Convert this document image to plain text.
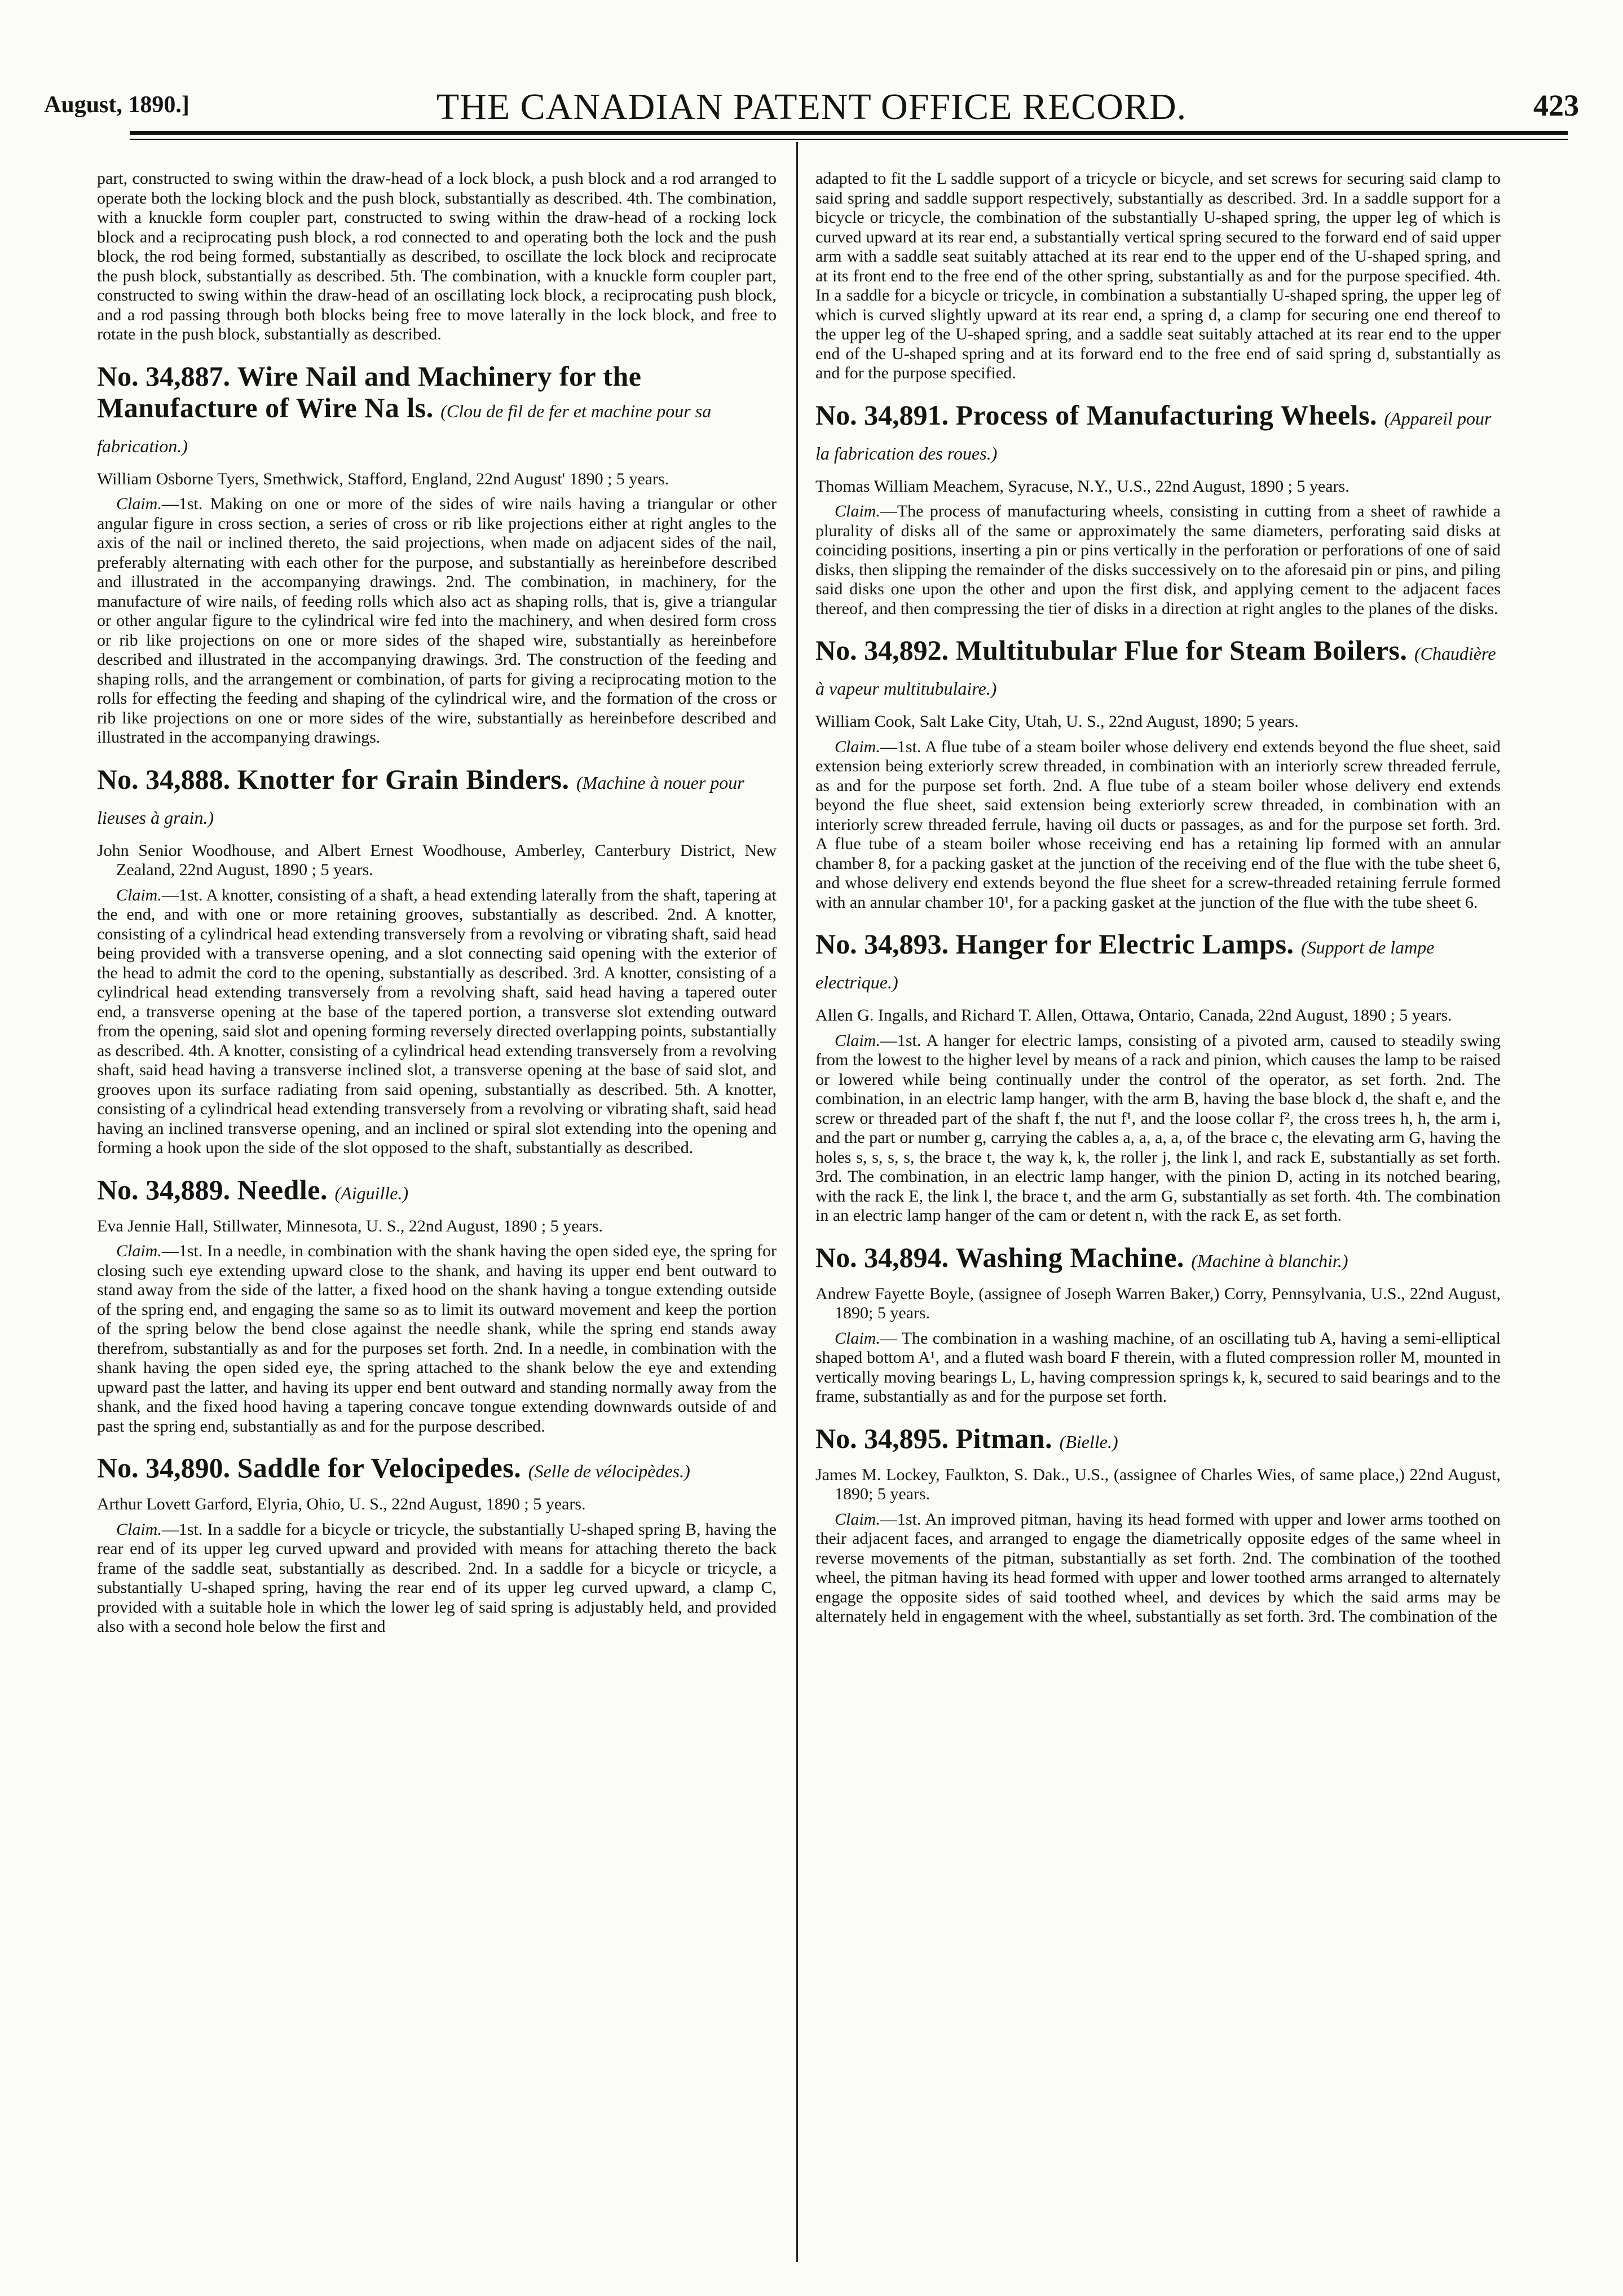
August, 1890.]	THE CANADIAN PATENT OFFICE RECORD.	423

part, constructed to swing within the draw-head of a lock block, a push block and a rod arranged to operate both the locking block and the push block, substantially as described. 4th. The combination, with a knuckle form coupler part, constructed to swing within the draw-head of a rocking lock block and a reciprocating push block, a rod connected to and operating both the lock and the push block, the rod being formed, substantially as described, to oscillate the lock block and reciprocate the push block, substantially as described. 5th. The combination, with a knuckle form coupler part, constructed to swing within the draw-head of an oscillating lock block, a reciprocating push block, and a rod passing through both blocks being free to move laterally in the lock block, and free to rotate in the push block, substantially as described.

No. 34,887. Wire Nail and Machinery for the Manufacture of Wire Na ls. (Clou de fil de fer et machine pour sa fabrication.)
William Osborne Tyers, Smethwick, Stafford, England, 22nd August' 1890 ; 5 years.

Claim.—1st. Making on one or more of the sides of wire nails having a triangular or other angular figure in cross section, a series of cross or rib like projections either at right angles to the axis of the nail or inclined thereto, the said projections, when made on adjacent sides of the nail, preferably alternating with each other for the purpose, and substantially as hereinbefore described and illustrated in the accompanying drawings. 2nd. The combination, in machinery, for the manufacture of wire nails, of feeding rolls which also act as shaping rolls, that is, give a triangular or other angular figure to the cylindrical wire fed into the machinery, and when desired form cross or rib like projections on one or more sides of the shaped wire, substantially as hereinbefore described and illustrated in the accompanying drawings. 3rd. The construction of the feeding and shaping rolls, and the arrangement or combination, of parts for giving a reciprocating motion to the rolls for effecting the feeding and shaping of the cylindrical wire, and the formation of the cross or rib like projections on one or more sides of the wire, substantially as hereinbefore described and illustrated in the accompanying drawings.

No. 34,888. Knotter for Grain Binders. (Machine à nouer pour lieuses à grain.)
John Senior Woodhouse, and Albert Ernest Woodhouse, Amberley, Canterbury District, New Zealand, 22nd August, 1890 ; 5 years.

Claim.—1st. A knotter, consisting of a shaft, a head extending laterally from the shaft, tapering at the end, and with one or more retaining grooves, substantially as described. 2nd. A knotter, consisting of a cylindrical head extending transversely from a revolving or vibrating shaft, said head being provided with a transverse opening, and a slot connecting said opening with the exterior of the head to admit the cord to the opening, substantially as described. 3rd. A knotter, consisting of a cylindrical head extending transversely from a revolving shaft, said head having a tapered outer end, a transverse opening at the base of the tapered portion, a transverse slot extending outward from the opening, said slot and opening forming reversely directed overlapping points, substantially as described. 4th. A knotter, consisting of a cylindrical head extending transversely from a revolving shaft, said head having a transverse inclined slot, a transverse opening at the base of said slot, and grooves upon its surface radiating from said opening, substantially as described. 5th. A knotter, consisting of a cylindrical head extending transversely from a revolving or vibrating shaft, said head having an inclined transverse opening, and an inclined or spiral slot extending into the opening and forming a hook upon the side of the slot opposed to the shaft, substantially as described.

No. 34,889. Needle. (Aiguille.)
Eva Jennie Hall, Stillwater, Minnesota, U. S., 22nd August, 1890 ; 5 years.

Claim.—1st. In a needle, in combination with the shank having the open sided eye, the spring for closing such eye extending upward close to the shank, and having its upper end bent outward to stand away from the side of the latter, a fixed hood on the shank having a tongue extending outside of the spring end, and engaging the same so as to limit its outward movement and keep the portion of the spring below the bend close against the needle shank, while the spring end stands away therefrom, substantially as and for the purposes set forth. 2nd. In a needle, in combination with the shank having the open sided eye, the spring attached to the shank below the eye and extending upward past the latter, and having its upper end bent outward and standing normally away from the shank, and the fixed hood having a tapering concave tongue extending downwards outside of and past the spring end, substantially as and for the purpose described.

No. 34,890. Saddle for Velocipedes. (Selle de vélocipèdes.)
Arthur Lovett Garford, Elyria, Ohio, U. S., 22nd August, 1890 ; 5 years.

Claim.—1st. In a saddle for a bicycle or tricycle, the substantially U-shaped spring B, having the rear end of its upper leg curved upward and provided with means for attaching thereto the back frame of the saddle seat, substantially as described. 2nd. In a saddle for a bicycle or tricycle, a substantially U-shaped spring, having the rear end of its upper leg curved upward, a clamp C, provided with a suitable hole in which the lower leg of said spring is adjustably held, and provided also with a second hole below the first and

adapted to fit the L saddle support of a tricycle or bicycle, and set screws for securing said clamp to said spring and saddle support respectively, substantially as described. 3rd. In a saddle support for a bicycle or tricycle, the combination of the substantially U-shaped spring, the upper leg of which is curved upward at its rear end, a substantially vertical spring secured to the forward end of said upper arm with a saddle seat suitably attached at its rear end to the upper end of the U-shaped spring, and at its front end to the free end of the other spring, substantially as and for the purpose specified. 4th. In a saddle for a bicycle or tricycle, in combination a substantially U-shaped spring, the upper leg of which is curved slightly upward at its rear end, a spring d, a clamp for securing one end thereof to the upper leg of the U-shaped spring, and a saddle seat suitably attached at its rear end to the upper end of the U-shaped spring and at its forward end to the free end of said spring d, substantially as and for the purpose specified.

No. 34,891. Process of Manufacturing Wheels. (Appareil pour la fabrication des roues.)
Thomas William Meachem, Syracuse, N.Y., U.S., 22nd August, 1890 ; 5 years.

Claim.—The process of manufacturing wheels, consisting in cutting from a sheet of rawhide a plurality of disks all of the same or approximately the same diameters, perforating said disks at coinciding positions, inserting a pin or pins vertically in the perforation or perforations of one of said disks, then slipping the remainder of the disks successively on to the aforesaid pin or pins, and piling said disks one upon the other and upon the first disk, and applying cement to the adjacent faces thereof, and then compressing the tier of disks in a direction at right angles to the planes of the disks.

No. 34,892. Multitubular Flue for Steam Boilers. (Chaudière à vapeur multitubulaire.)
William Cook, Salt Lake City, Utah, U. S., 22nd August, 1890; 5 years.

Claim.—1st. A flue tube of a steam boiler whose delivery end extends beyond the flue sheet, said extension being exteriorly screw threaded, in combination with an interiorly screw threaded ferrule, as and for the purpose set forth. 2nd. A flue tube of a steam boiler whose delivery end extends beyond the flue sheet, said extension being exteriorly screw threaded, in combination with an interiorly screw threaded ferrule, having oil ducts or passages, as and for the purpose set forth. 3rd. A flue tube of a steam boiler whose receiving end has a retaining lip formed with an annular chamber 8, for a packing gasket at the junction of the receiving end of the flue with the tube sheet 6, and whose delivery end extends beyond the flue sheet for a screw-threaded retaining ferrule formed with an annular chamber 10¹, for a packing gasket at the junction of the flue with the tube sheet 6.

No. 34,893. Hanger for Electric Lamps. (Support de lampe electrique.)
Allen G. Ingalls, and Richard T. Allen, Ottawa, Ontario, Canada, 22nd August, 1890 ; 5 years.

Claim.—1st. A hanger for electric lamps, consisting of a pivoted arm, caused to steadily swing from the lowest to the higher level by means of a rack and pinion, which causes the lamp to be raised or lowered while being continually under the control of the operator, as set forth. 2nd. The combination, in an electric lamp hanger, with the arm B, having the base block d, the shaft e, and the screw or threaded part of the shaft f, the nut f¹, and the loose collar f², the cross trees h, h, the arm i, and the part or number g, carrying the cables a, a, a, a, of the brace c, the elevating arm G, having the holes s, s, s, s, the brace t, the way k, k, the roller j, the link l, and rack E, substantially as set forth. 3rd. The combination, in an electric lamp hanger, with the pinion D, acting in its notched bearing, with the rack E, the link l, the brace t, and the arm G, substantially as set forth. 4th. The combination in an electric lamp hanger of the cam or detent n, with the rack E, as set forth.

No. 34,894. Washing Machine. (Machine à blanchir.)
Andrew Fayette Boyle, (assignee of Joseph Warren Baker,) Corry, Pennsylvania, U.S., 22nd August, 1890; 5 years.

Claim.— The combination in a washing machine, of an oscillating tub A, having a semi-elliptical shaped bottom A¹, and a fluted wash board F therein, with a fluted compression roller M, mounted in vertically moving bearings L, L, having compression springs k, k, secured to said bearings and to the frame, substantially as and for the purpose set forth.

No. 34,895. Pitman. (Bielle.)
James M. Lockey, Faulkton, S. Dak., U.S., (assignee of Charles Wies, of same place,) 22nd August, 1890; 5 years.

Claim.—1st. An improved pitman, having its head formed with upper and lower arms toothed on their adjacent faces, and arranged to engage the diametrically opposite edges of the same wheel in reverse movements of the pitman, substantially as set forth. 2nd. The combination of the toothed wheel, the pitman having its head formed with upper and lower toothed arms arranged to alternately engage the opposite sides of said toothed wheel, and devices by which the said arms may be alternately held in engagement with the wheel, substantially as set forth. 3rd. The combination of the
